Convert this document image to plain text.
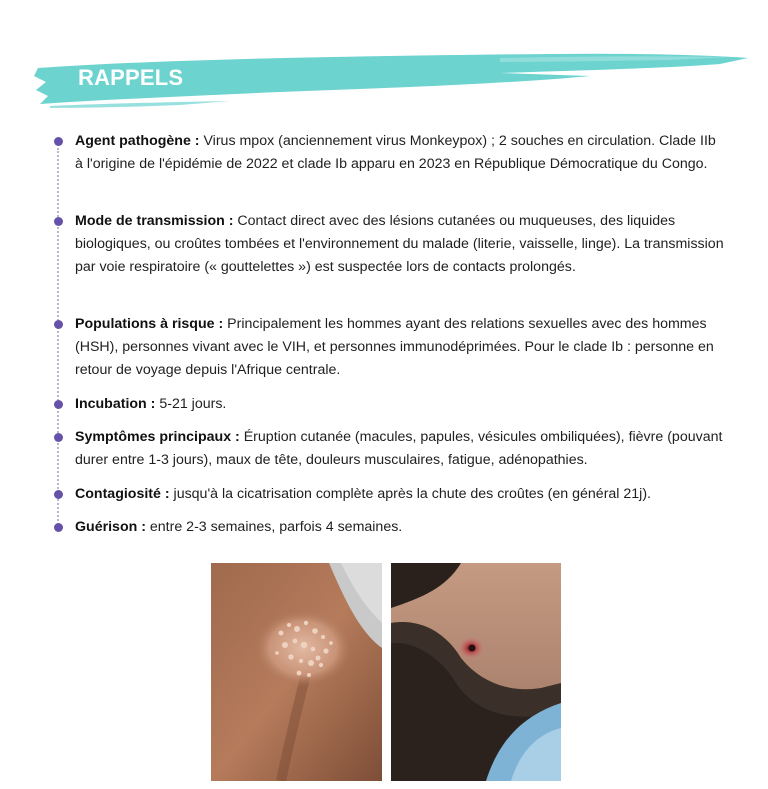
RAPPELS
Agent pathogène : Virus mpox (anciennement virus Monkeypox) ; 2 souches en circulation. Clade IIb à l'origine de l'épidémie de 2022 et clade Ib apparu en 2023 en République Démocratique du Congo.
Mode de transmission : Contact direct avec des lésions cutanées ou muqueuses, des liquides biologiques, ou croûtes tombées et l'environnement du malade (literie, vaisselle, linge). La transmission par voie respiratoire (« gouttelettes ») est suspectée lors de contacts prolongés.
Populations à risque : Principalement les hommes ayant des relations sexuelles avec des hommes (HSH), personnes vivant avec le VIH, et personnes immunodéprimées. Pour le clade Ib : personne en retour de voyage depuis l'Afrique centrale.
Incubation : 5-21 jours.
Symptômes principaux : Éruption cutanée (macules, papules, vésicules ombiliquées), fièvre (pouvant durer entre 1-3 jours), maux de tête, douleurs musculaires, fatigue, adénopathies.
Contagiosité : jusqu'à la cicatrisation complète après la chute des croûtes (en général 21j).
Guérison : entre 2-3 semaines, parfois 4 semaines.
